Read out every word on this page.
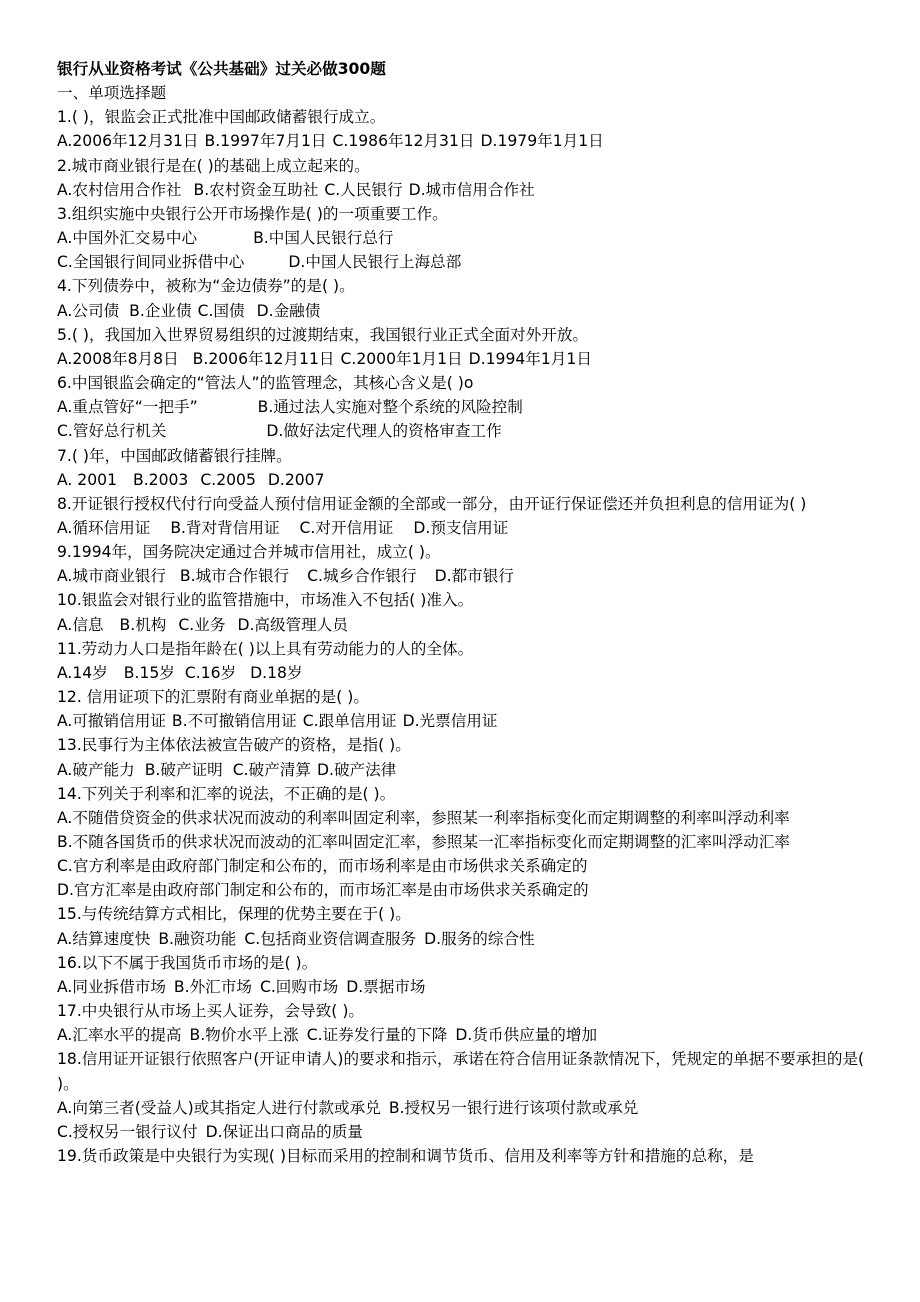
银行从业资格考试《公共基础》过关必做300题
一、单项选择题
1.( )，银监会正式批准中国邮政储蓄银行成立。
A.2006年12月31日 B.1997年7月1日 C.1986年12月31日 D.1979年1月1日
2.城市商业银行是在( )的基础上成立起来的。
A.农村信用合作社 B.农村资金互助社 C.人民银行 D.城市信用合作社
3.组织实施中央银行公开市场操作是( )的一项重要工作。
A.中国外汇交易中心	B.中国人民银行总行
C.全国银行间同业拆借中心	D.中国人民银行上海总部
4.下列债券中，被称为“金边债券”的是( )。
A.公司债 B.企业债 C.国债 D.金融债
5.( )，我国加入世界贸易组织的过渡期结束，我国银行业正式全面对外开放。
A.2008年8月8日 B.2006年12月11日 C.2000年1月1日 D.1994年1月1日
6.中国银监会确定的“管法人”的监管理念，其核心含义是( )o
A.重点管好“一把手”	B.通过法人实施对整个系统的风险控制
C.管好总行机关	D.做好法定代理人的资格审查工作
7.( )年，中国邮政储蓄银行挂牌。
A. 2001 B.2003 C.2005 D.2007
8.开证银行授权代付行向受益人预付信用证金额的全部或一部分，由开证行保证偿还并负担利息的信用证为( )
A.循环信用证 B.背对背信用证 C.对开信用证 D.预支信用证
9.1994年，国务院决定通过合并城市信用社，成立( )。
A.城市商业银行 B.城市合作银行 C.城乡合作银行 D.都市银行
10.银监会对银行业的监管措施中，市场准入不包括( )准入。
A.信息 B.机构 C.业务 D.高级管理人员
11.劳动力人口是指年龄在( )以上具有劳动能力的人的全体。
A.14岁 B.15岁 C.16岁 D.18岁
12. 信用证项下的汇票附有商业单据的是( )。
A.可撤销信用证 B.不可撤销信用证 C.跟单信用证 D.光票信用证
13.民事行为主体依法被宣告破产的资格，是指( )。
A.破产能力 B.破产证明 C.破产清算 D.破产法律
14.下列关于利率和汇率的说法，不正确的是( )。
A.不随借贷资金的供求状况而波动的利率叫固定利率，参照某一利率指标变化而定期调整的利率叫浮动利率
B.不随各国货币的供求状况而波动的汇率叫固定汇率，参照某一汇率指标变化而定期调整的汇率叫浮动汇率
C.官方利率是由政府部门制定和公布的，而市场利率是由市场供求关系确定的
D.官方汇率是由政府部门制定和公布的，而市场汇率是由市场供求关系确定的
15.与传统结算方式相比，保理的优势主要在于( )。
A.结算速度快 B.融资功能 C.包括商业资信调查服务 D.服务的综合性
16.以下不属于我国货币市场的是( )。
A.同业拆借市场 B.外汇市场 C.回购市场 D.票据市场
17.中央银行从市场上买人证券，会导致( )。
A.汇率水平的提高 B.物价水平上涨 C.证券发行量的下降 D.货币供应量的增加
18.信用证开证银行依照客户(开证申请人)的要求和指示，承诺在符合信用证条款情况下，凭规定的单据不要承担的是( )。
A.向第三者(受益人)或其指定人进行付款或承兑 B.授权另一银行进行该项付款或承兑
C.授权另一银行议付 D.保证出口商品的质量
19.货币政策是中央银行为实现( )目标而采用的控制和调节货币、信用及利率等方针和措施的总称，是
